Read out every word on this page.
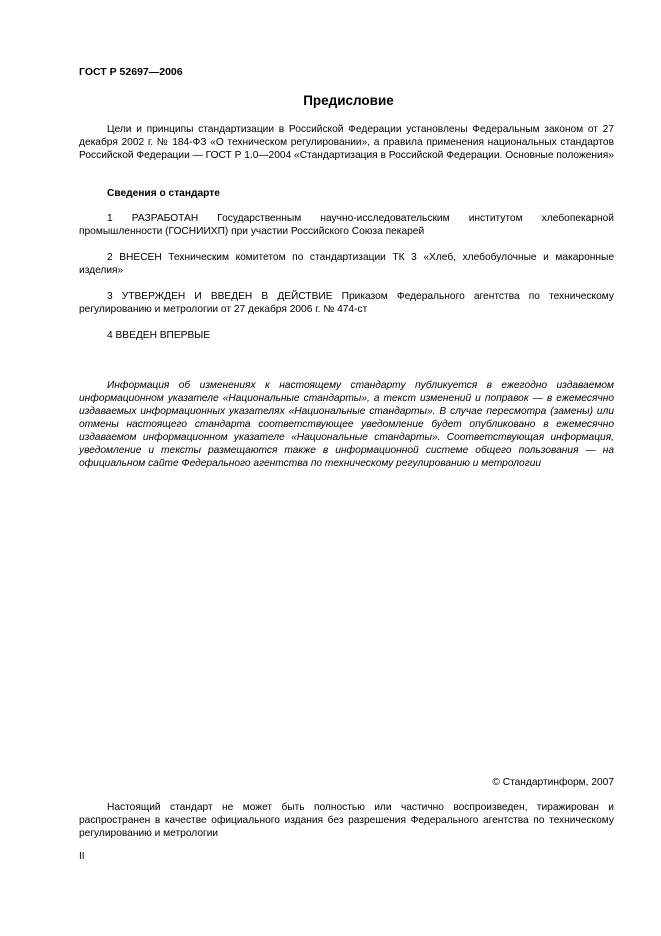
ГОСТ Р 52697—2006
Предисловие
Цели и принципы стандартизации в Российской Федерации установлены Федеральным законом от 27 декабря 2002 г. № 184-ФЗ «О техническом регулировании», а правила применения национальных стандартов Российской Федерации — ГОСТ Р 1.0—2004 «Стандартизация в Российской Федерации. Основные положения»
Сведения о стандарте
1 РАЗРАБОТАН Государственным научно-исследовательским институтом хлебопекарной промышленности (ГОСНИИХП) при участии Российского Союза пекарей
2 ВНЕСЕН Техническим комитетом по стандартизации ТК 3 «Хлеб, хлебобулочные и макаронные изделия»
3 УТВЕРЖДЕН И ВВЕДЕН В ДЕЙСТВИЕ Приказом Федерального агентства по техническому регулированию и метрологии от 27 декабря 2006 г. № 474-ст
4 ВВЕДЕН ВПЕРВЫЕ
Информация об изменениях к настоящему стандарту публикуется в ежегодно издаваемом информационном указателе «Национальные стандарты», а текст изменений и поправок — в ежемесячно издаваемых информационных указателях «Национальные стандарты». В случае пересмотра (замены) или отмены настоящего стандарта соответствующее уведомление будет опубликовано в ежемесячно издаваемом информационном указателе «Национальные стандарты». Соответствующая информация, уведомление и тексты размещаются также в информационной системе общего пользования — на официальном сайте Федерального агентства по техническому регулированию и метрологии
© Стандартинформ, 2007
Настоящий стандарт не может быть полностью или частично воспроизведен, тиражирован и распространен в качестве официального издания без разрешения Федерального агентства по техническому регулированию и метрологии
II
